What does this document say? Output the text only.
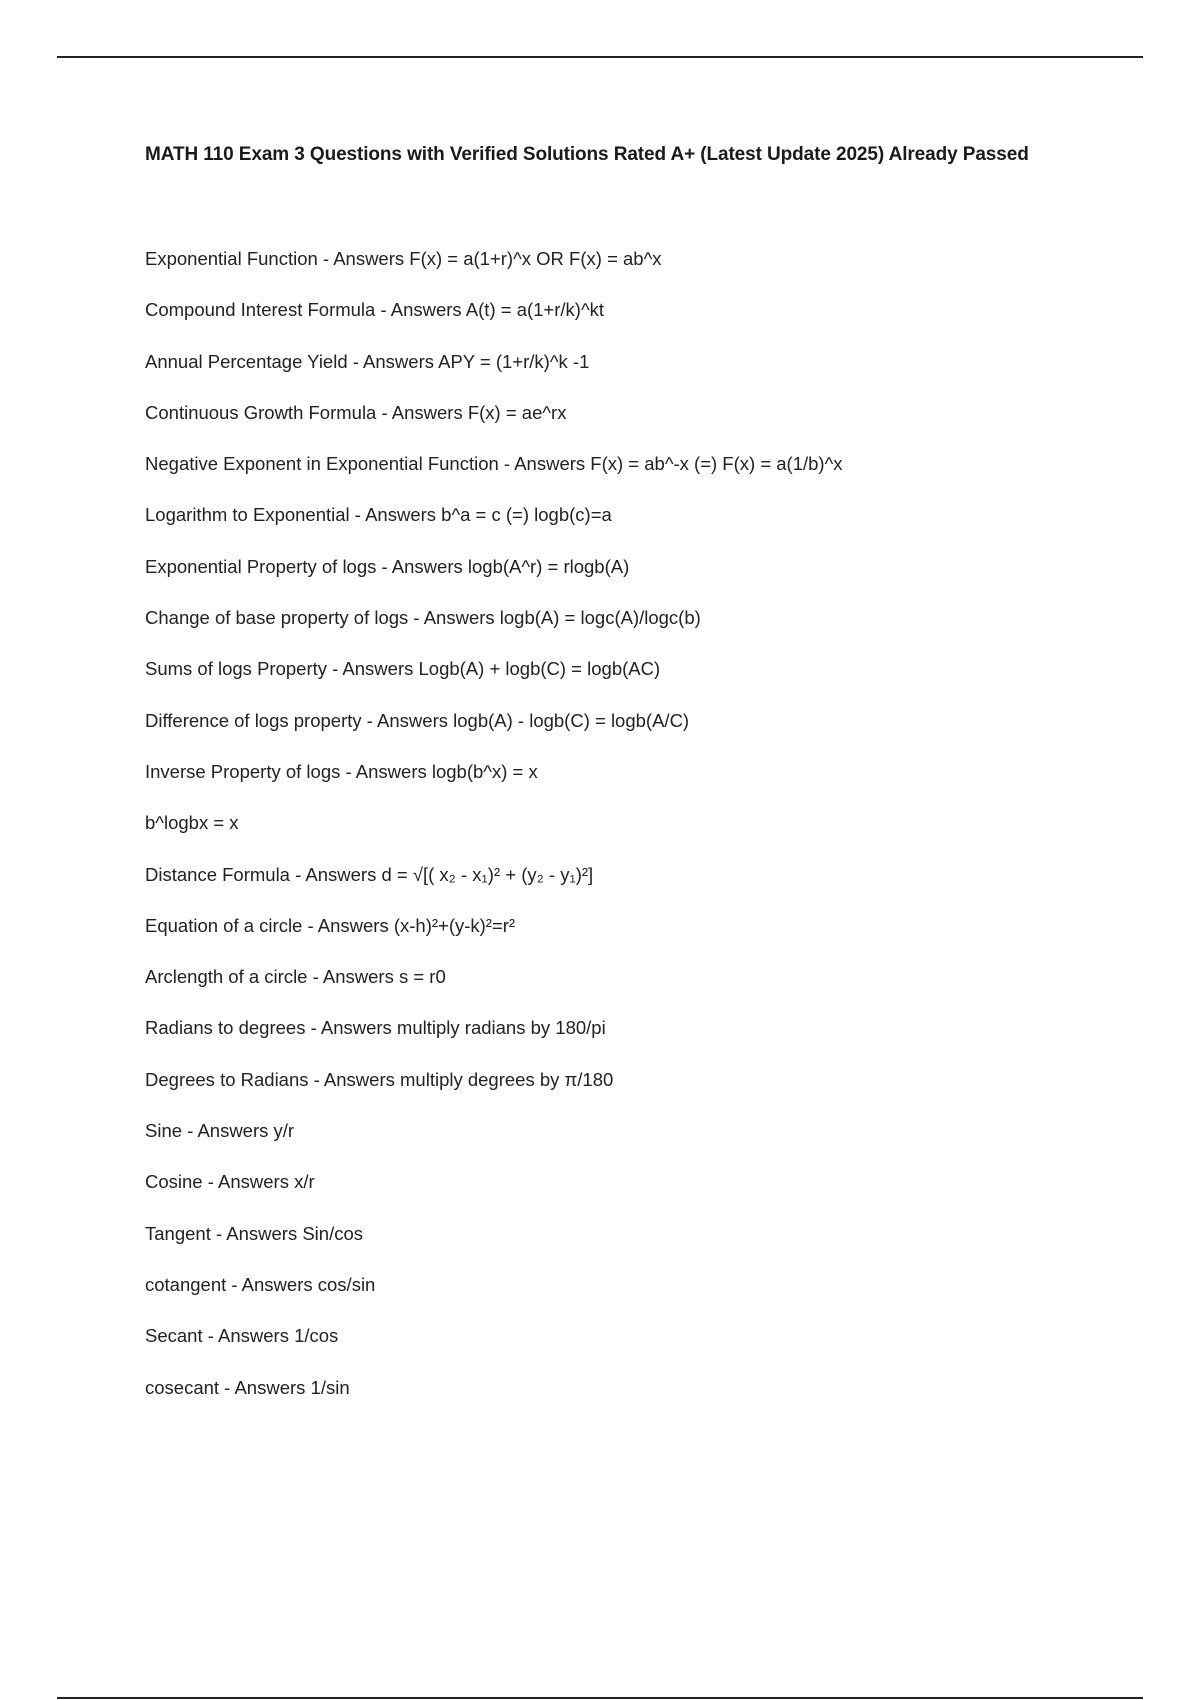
MATH 110 Exam 3 Questions with Verified Solutions Rated A+ (Latest Update 2025) Already Passed
Exponential Function - Answers F(x) = a(1+r)^x OR F(x) = ab^x
Compound Interest Formula - Answers A(t) = a(1+r/k)^kt
Annual Percentage Yield - Answers APY = (1+r/k)^k -1
Continuous Growth Formula - Answers F(x) = ae^rx
Negative Exponent in Exponential Function - Answers F(x) = ab^-x (=) F(x) = a(1/b)^x
Logarithm to Exponential - Answers b^a = c (=) logb(c)=a
Exponential Property of logs - Answers logb(A^r) = rlogb(A)
Change of base property of logs - Answers logb(A) = logc(A)/logc(b)
Sums of logs Property - Answers Logb(A) + logb(C) = logb(AC)
Difference of logs property - Answers logb(A) - logb(C) = logb(A/C)
Inverse Property of logs - Answers logb(b^x) = x
b^logbx = x
Distance Formula - Answers d = √[( x₂ - x₁)² + (y₂ - y₁)²]
Equation of a circle - Answers (x-h)²+(y-k)²=r²
Arclength of a circle - Answers s = r0
Radians to degrees - Answers multiply radians by 180/pi
Degrees to Radians - Answers multiply degrees by π/180
Sine - Answers y/r
Cosine - Answers x/r
Tangent - Answers Sin/cos
cotangent - Answers cos/sin
Secant - Answers 1/cos
cosecant - Answers 1/sin
